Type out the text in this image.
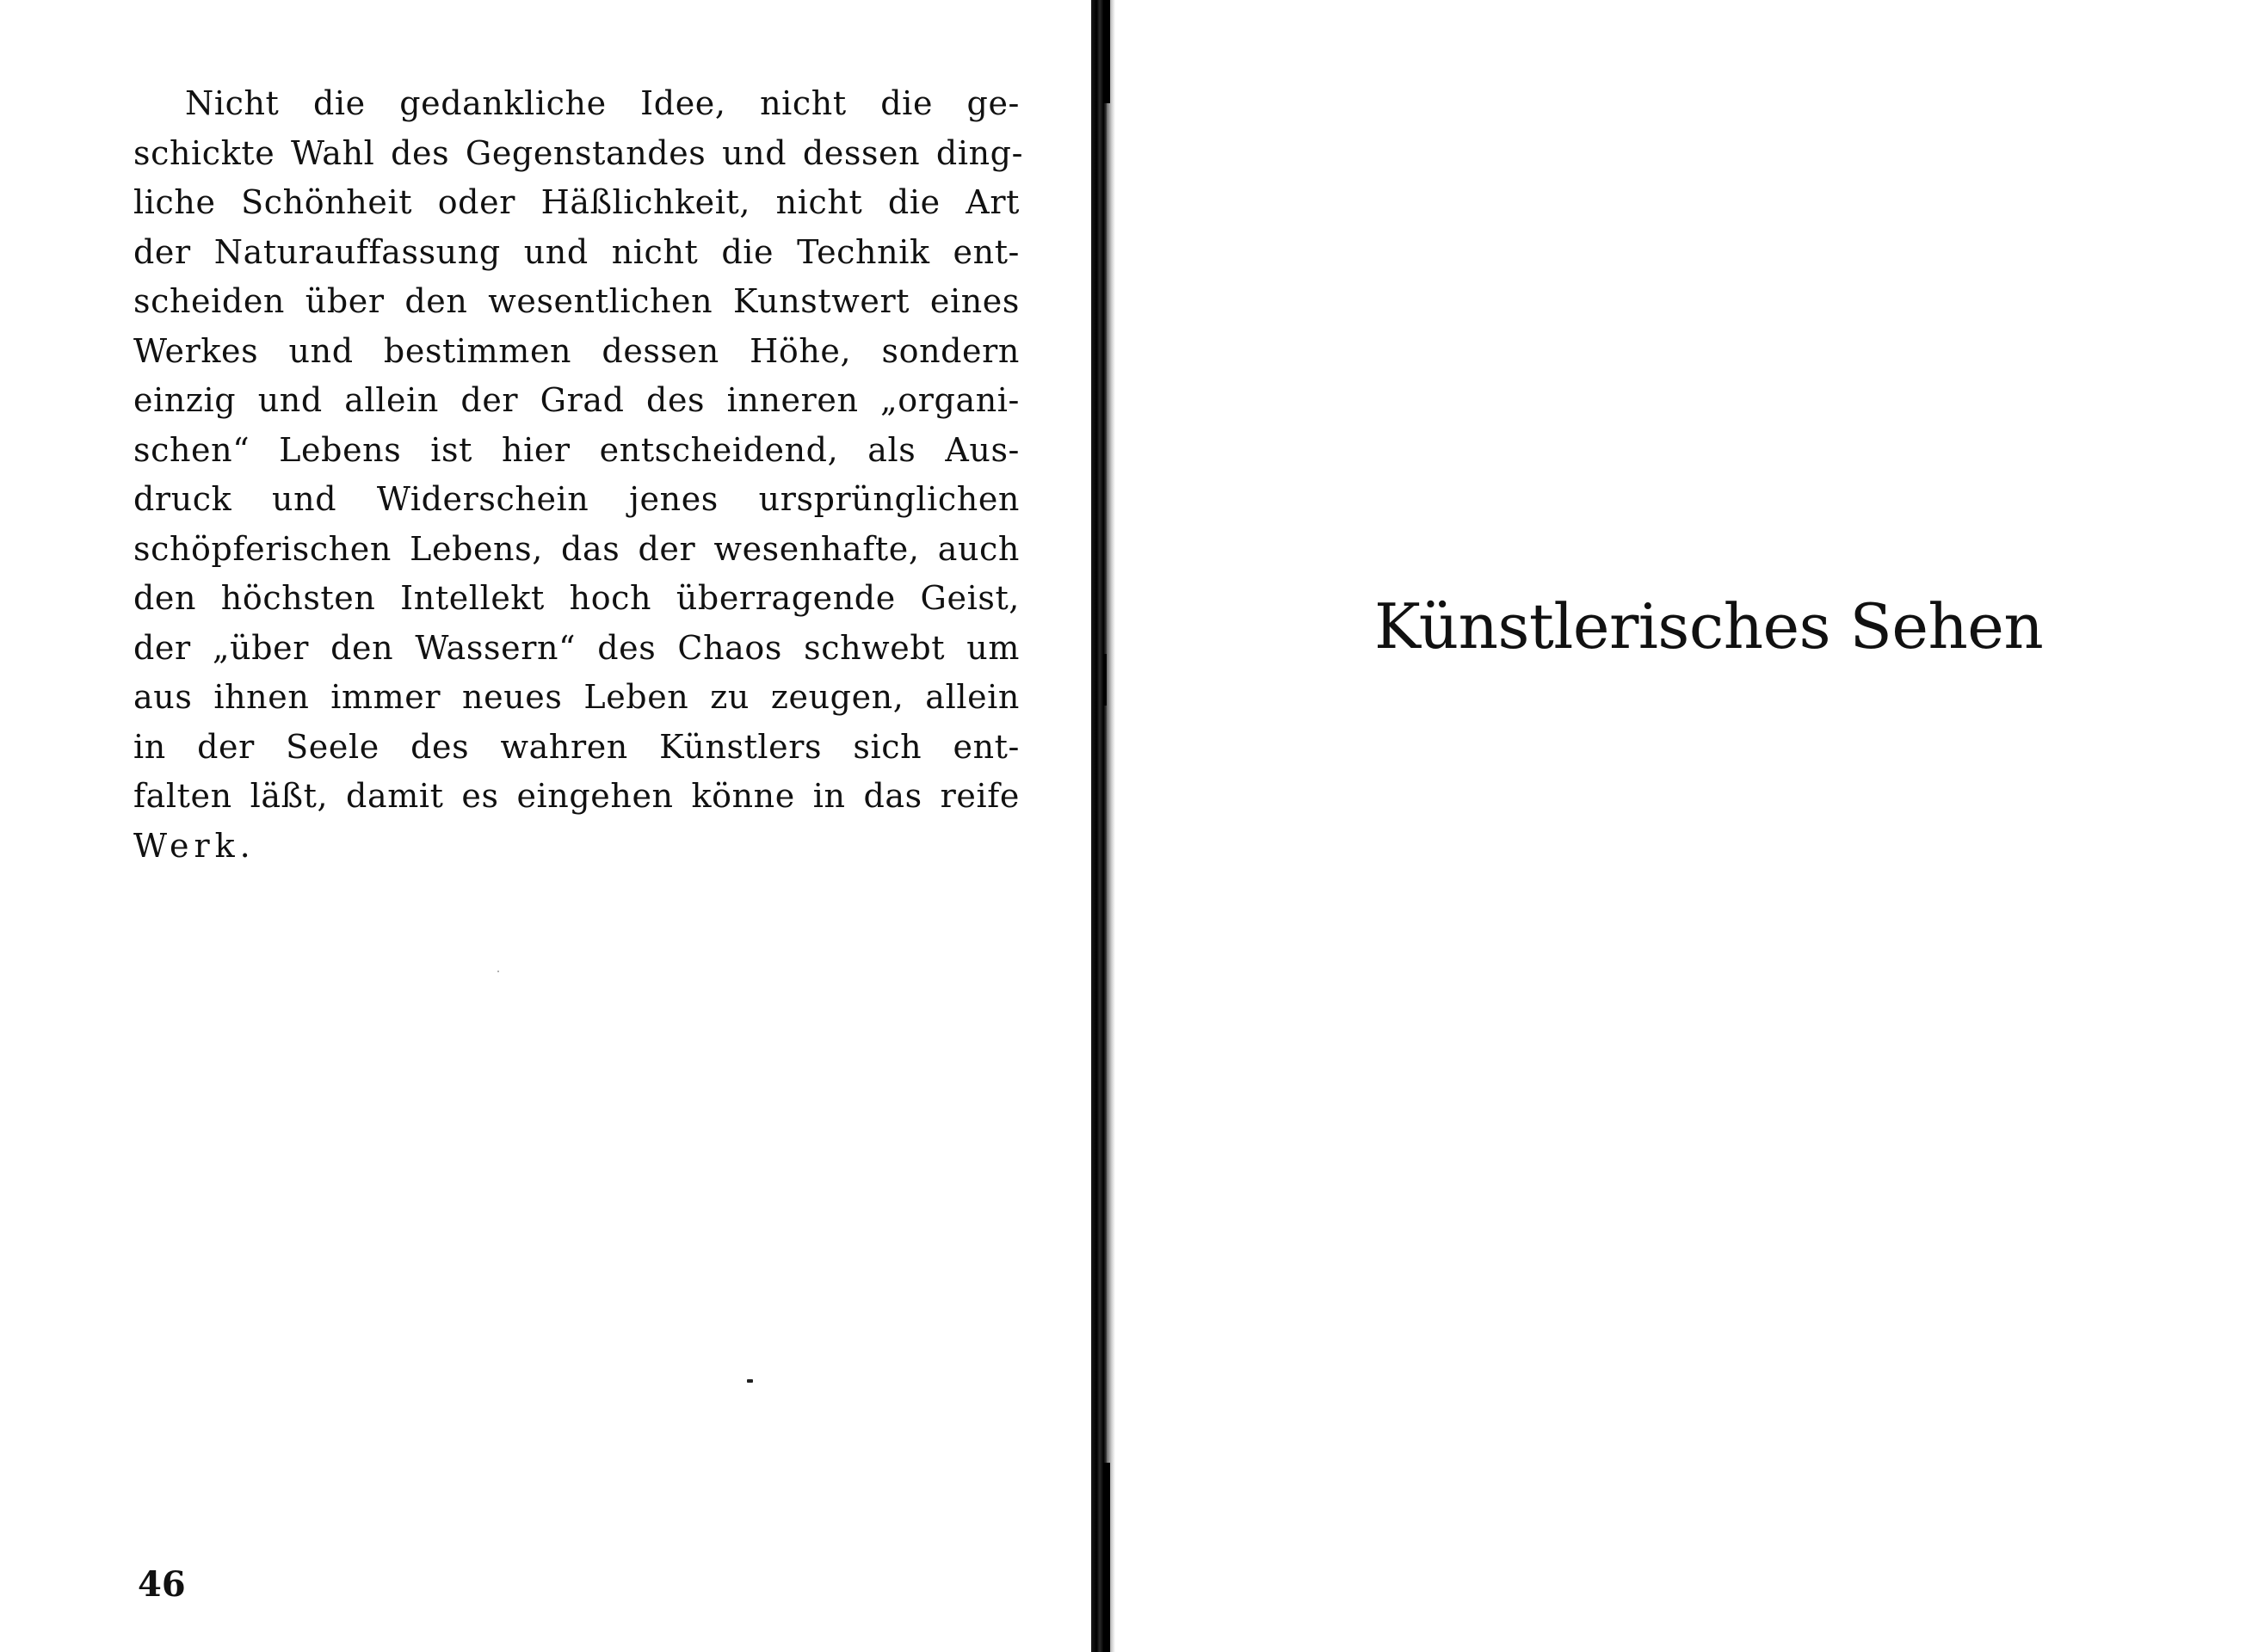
Nicht die gedankliche Idee, nicht die ge-
schickte Wahl des Gegenstandes und dessen ding-
liche Schönheit oder Häßlichkeit, nicht die Art
der Naturauffassung und nicht die Technik ent-
scheiden über den wesentlichen Kunstwert eines
Werkes und bestimmen dessen Höhe, sondern
einzig und allein der Grad des inneren „organi-
schen“ Lebens ist hier entscheidend, als Aus-
druck und Widerschein jenes ursprünglichen
schöpferischen Lebens, das der wesenhafte, auch
den höchsten Intellekt hoch überragende Geist,
der „über den Wassern“ des Chaos schwebt um
aus ihnen immer neues Leben zu zeugen, allein
in der Seele des wahren Künstlers sich ent-
falten läßt, damit es eingehen könne in das reife
Werk.
46
Künstlerisches Sehen
